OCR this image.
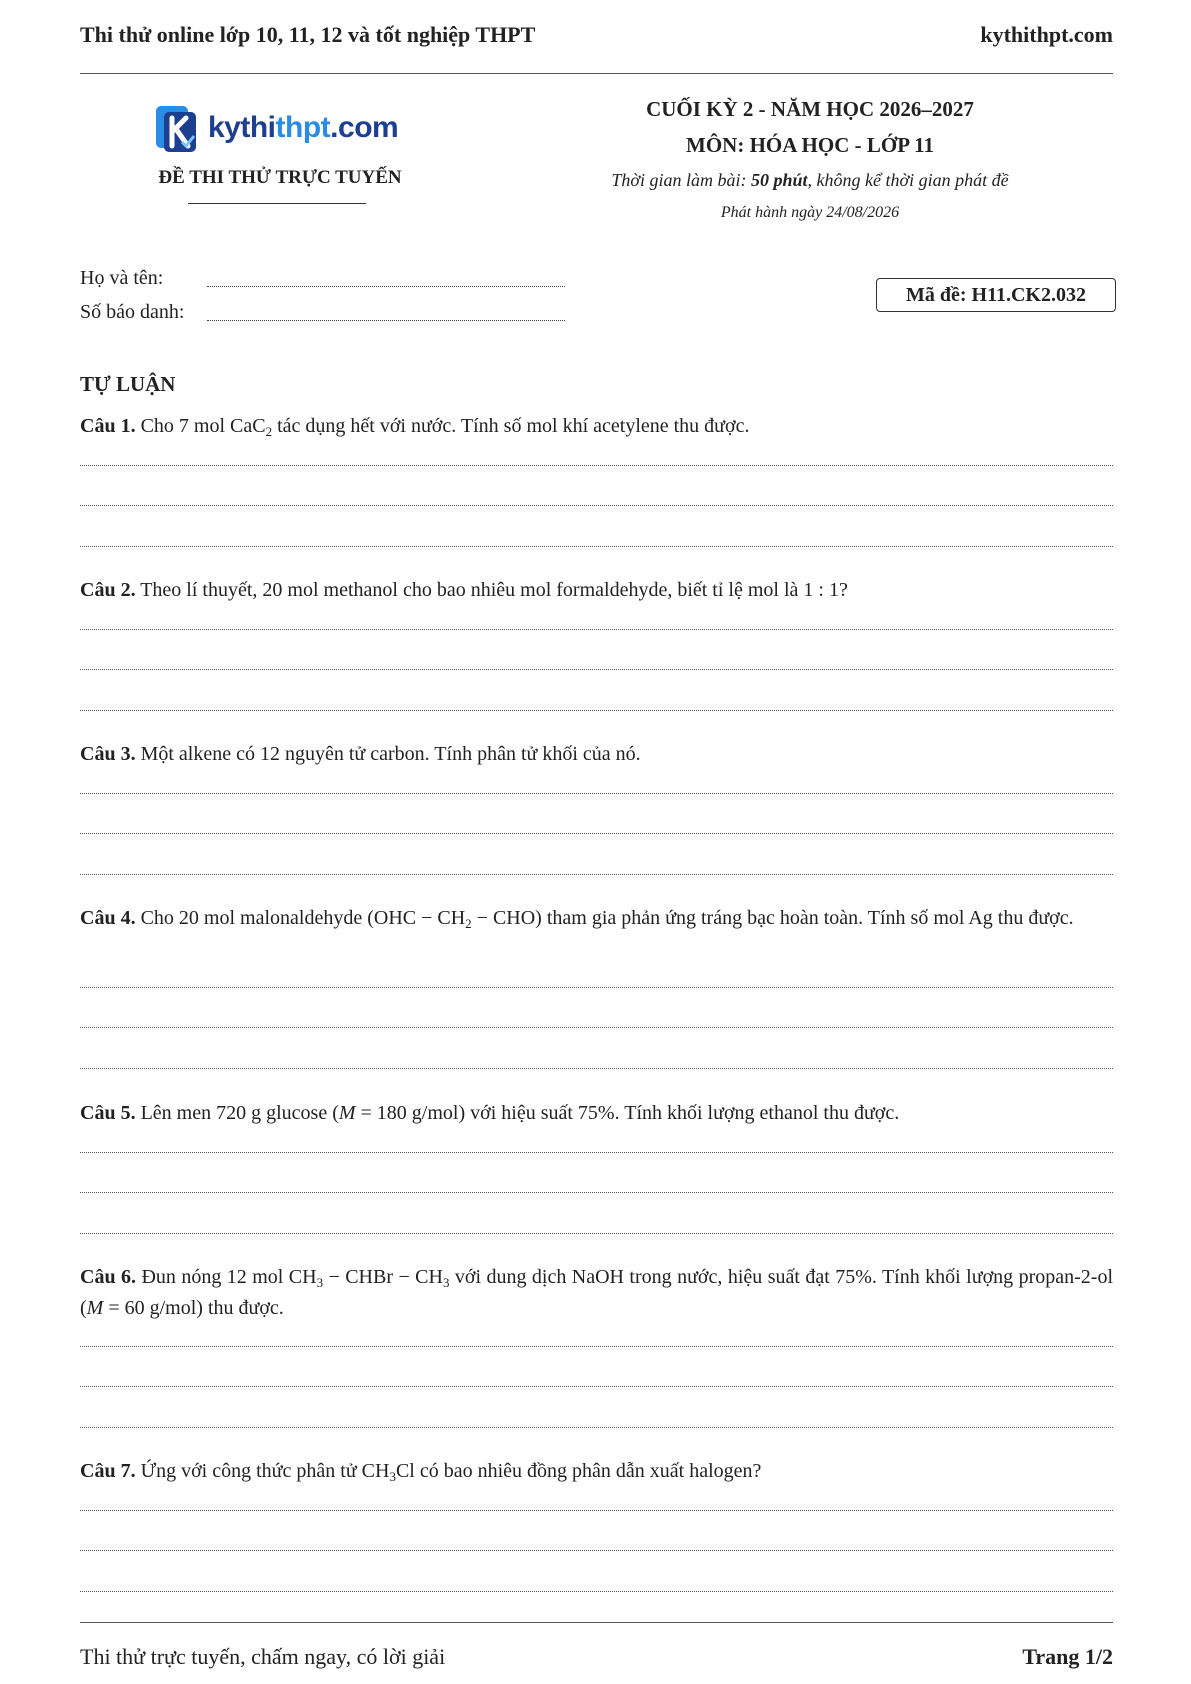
Thi thử online lớp 10, 11, 12 và tốt nghiệp THPT	kythithpt.com
kythithpt.com
ĐỀ THI THỬ TRỰC TUYẾN
CUỐI KỲ 2 - NĂM HỌC 2026–2027
MÔN: HÓA HỌC - LỚP 11
Thời gian làm bài: 50 phút, không kể thời gian phát đề
Phát hành ngày 24/08/2026
Họ và tên:
Số báo danh:
Mã đề: H11.CK2.032
TỰ LUẬN
Câu 1. Cho 7 mol CaC$_2$ tác dụng hết với nước. Tính số mol khí acetylene thu được.
Câu 2. Theo lí thuyết, 20 mol methanol cho bao nhiêu mol formaldehyde, biết tỉ lệ mol là 1 : 1?
Câu 3. Một alkene có 12 nguyên tử carbon. Tính phân tử khối của nó.
Câu 4. Cho 20 mol malonaldehyde $(OHC - CH_2 - CHO)$ tham gia phản ứng tráng bạc hoàn toàn. Tính số mol Ag thu được.
Câu 5. Lên men 720 g glucose (M = 180 g/mol) với hiệu suất 75%. Tính khối lượng ethanol thu được.
Câu 6. Đun nóng 12 mol $CH_3$ − CHBr − $CH_3$ với dung dịch NaOH trong nước, hiệu suất đạt 75%. Tính khối lượng propan-2-ol (M = 60 g/mol) thu được.
Câu 7. Ứng với công thức phân tử $CH_3Cl$ có bao nhiêu đồng phân dẫn xuất halogen?
Thi thử trực tuyến, chấm ngay, có lời giải	Trang 1/2
